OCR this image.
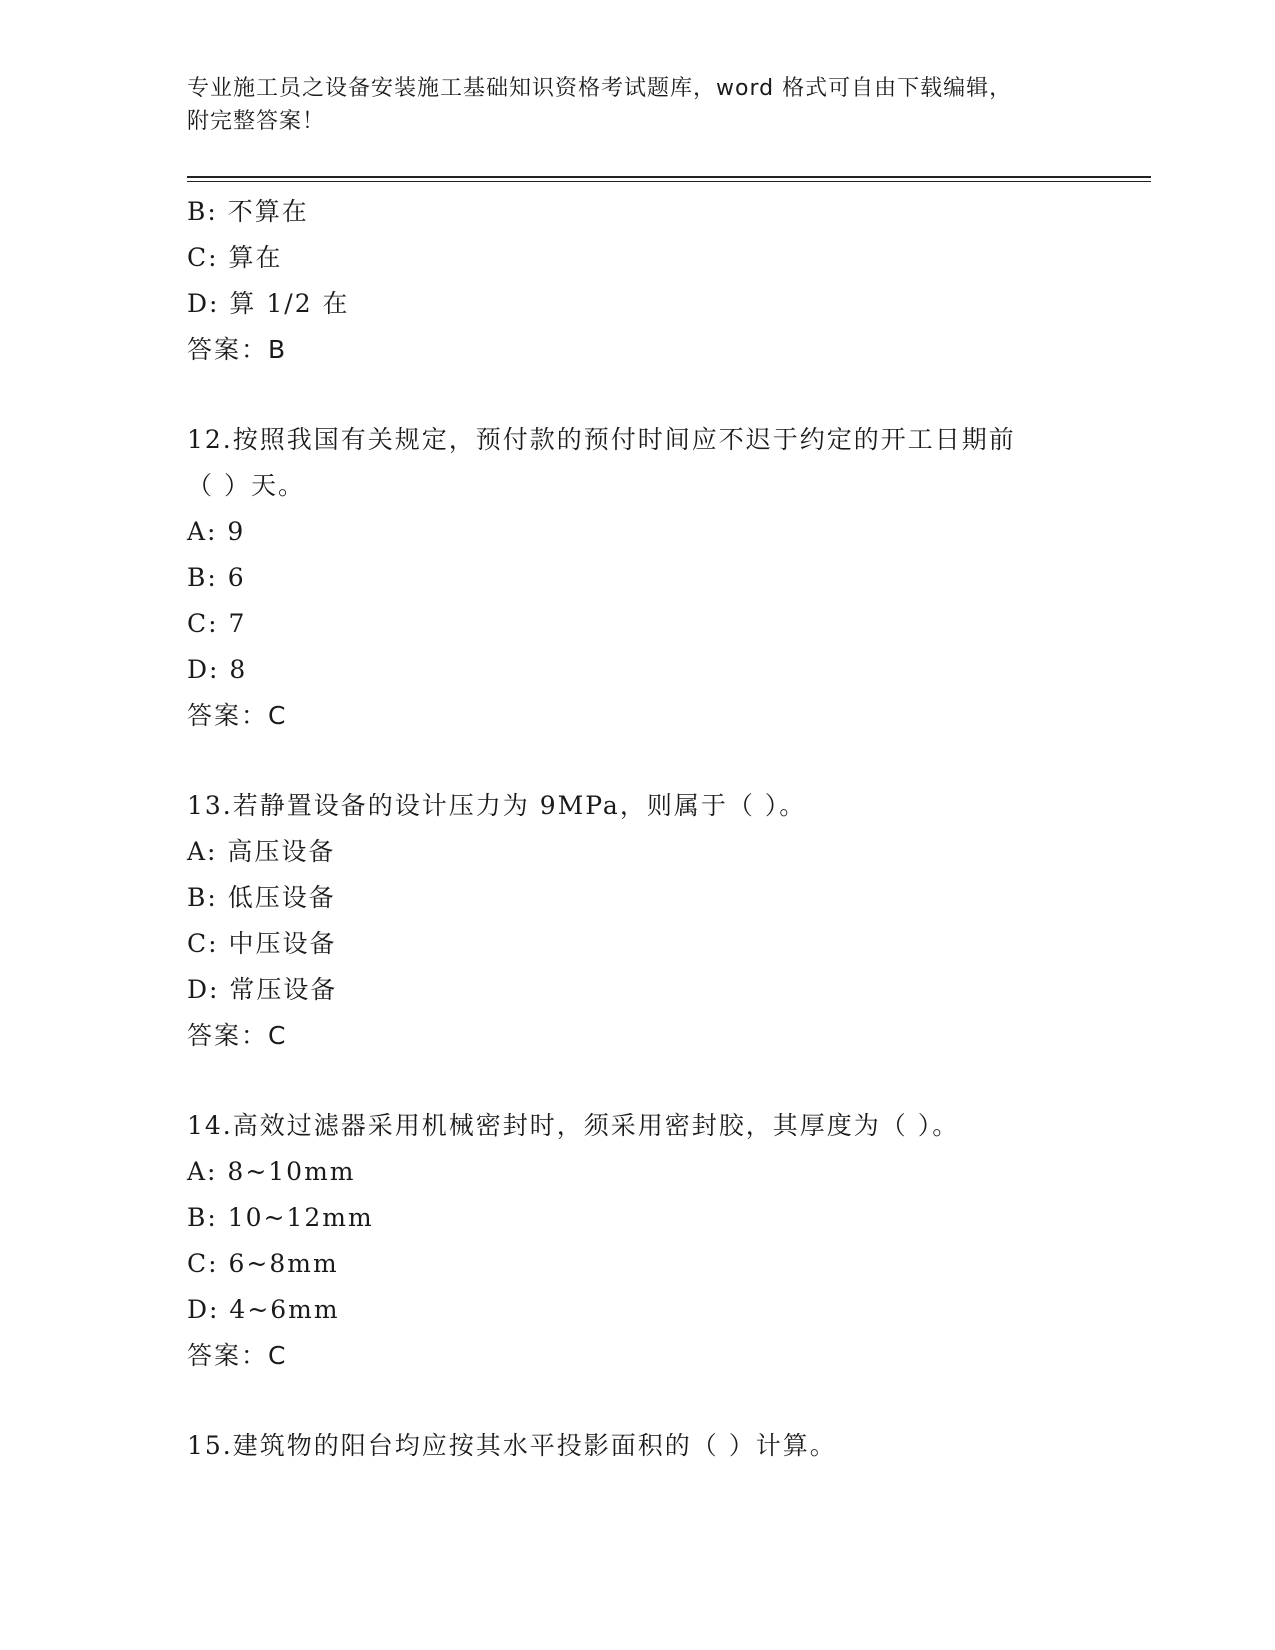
专业施工员之设备安装施工基础知识资格考试题库，word 格式可自由下载编辑，
附完整答案！
B: 不算在
C: 算在
D: 算 1/2 在
答案：B
12.按照我国有关规定，预付款的预付时间应不迟于约定的开工日期前
（ ）天。
A: 9
B: 6
C: 7
D: 8
答案：C
13.若静置设备的设计压力为 9MPa，则属于（ ）。
A: 高压设备
B: 低压设备
C: 中压设备
D: 常压设备
答案：C
14.高效过滤器采用机械密封时，须采用密封胶，其厚度为（ ）。
A: 8~10mm
B: 10~12mm
C: 6~8mm
D: 4~6mm
答案：C
15.建筑物的阳台均应按其水平投影面积的（ ）计算。
